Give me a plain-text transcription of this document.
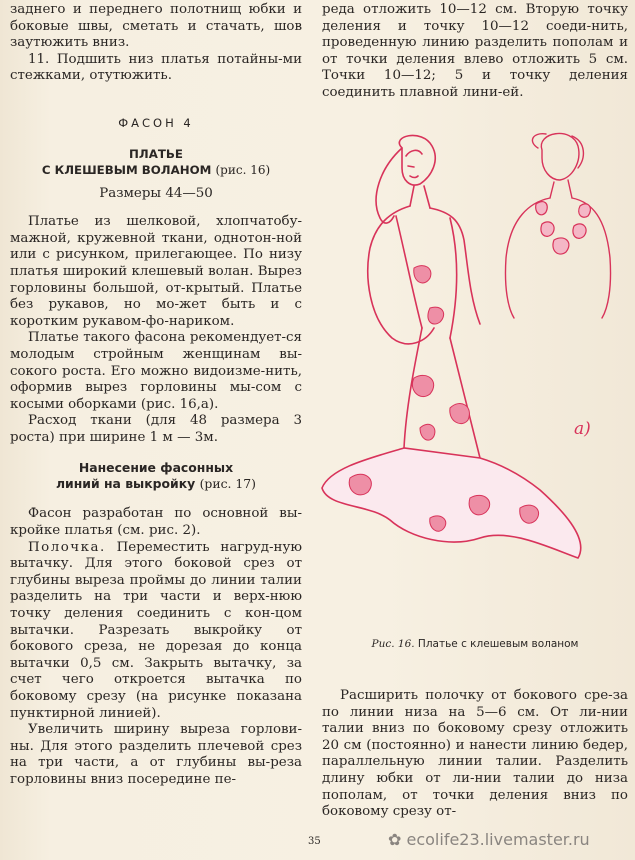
заднего и переднего полотнищ юбки и боковые швы, сметать и стачать, шов заутюжить вниз.

11. Подшить низ платья потайны-ми стежками, отутюжить.

ФАСОН 4
ПЛАТЬЕ
С КЛЕШЕВЫМ ВОЛАНОМ (рис. 16)
Размеры 44—50

Платье из шелковой, хлопчатобу-мажной, кружевной ткани, однотон-ной или с рисунком, прилегающее. По низу платья широкий клешевый волан. Вырез горловины большой, от-крытый. Платье без рукавов, но мо-жет быть и с коротким рукавом-фо-нариком.

Платье такого фасона рекомендует-ся молодым стройным женщинам вы-сокого роста. Его можно видоизме-нить, оформив вырез горловины мы-сом с косыми оборками (рис. 16,а).

Расход ткани (для 48 размера 3 роста) при ширине 1 м — 3м.

Нанесение фасонных
линий на выкройку (рис. 17)

Фасон разработан по основной вы-кройке платья (см. рис. 2).

Полочка. Переместить нагруд-ную вытачку. Для этого боковой срез от глубины выреза проймы до линии талии разделить на три части и верх-нюю точку деления соединить с кон-цом вытачки. Разрезать выкройку от бокового среза, не дорезая до конца вытачки 0,5 см. Закрыть вытачку, за счет чего откроется вытачка по боковому срезу (на рисунке показана пунктирной линией).

Увеличить ширину выреза горлови-ны. Для этого разделить плечевой срез на три части, а от глубины вы-реза горловины вниз посередине пе-

реда отложить 10—12 см. Вторую точку деления и точку 10—12 соеди-нить, проведенную линию разделить пополам и от точки деления влево отложить 5 см. Точки 10—12; 5 и точку деления соединить плавной лини-ей.

а)
Рис. 16. Платье с клешевым воланом

Расширить полочку от бокового сре-за по линии низа на 5—6 см. От ли-нии талии вниз по боковому срезу отложить 20 см (постоянно) и нанести линию бедер, параллельную линии талии. Разделить длину юбки от ли-нии талии до низа пополам, от точки деления вниз по боковому срезу от-

35	✿ ecolife23.livemaster.ru
